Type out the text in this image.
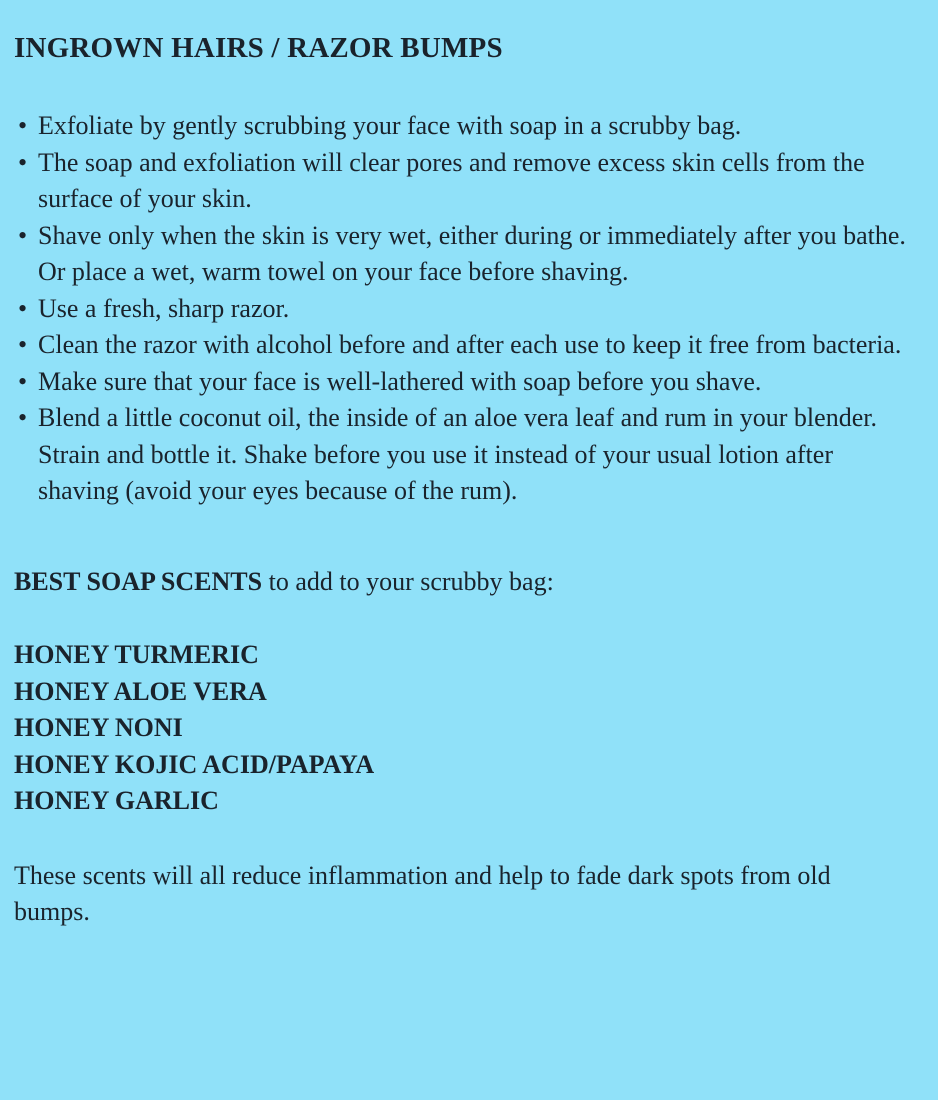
INGROWN HAIRS / RAZOR BUMPS
• Exfoliate by gently scrubbing your face with soap in a scrubby bag.
• The soap and exfoliation will clear pores and remove excess skin cells from the surface of your skin.
• Shave only when the skin is very wet, either during or immediately after you bathe. Or place a wet, warm towel on your face before shaving.
• Use a fresh, sharp razor.
• Clean the razor with alcohol before and after each use to keep it free from bacteria.
• Make sure that your face is well-lathered with soap before you shave.
• Blend a little coconut oil, the inside of an aloe vera leaf and rum in your blender. Strain and bottle it. Shake before you use it instead of your usual lotion after shaving (avoid your eyes because of the rum).

BEST SOAP SCENTS to add to your scrubby bag:

HONEY TURMERIC
HONEY ALOE VERA
HONEY NONI
HONEY KOJIC ACID/PAPAYA
HONEY GARLIC

These scents will all reduce inflammation and help to fade dark spots from old bumps.
